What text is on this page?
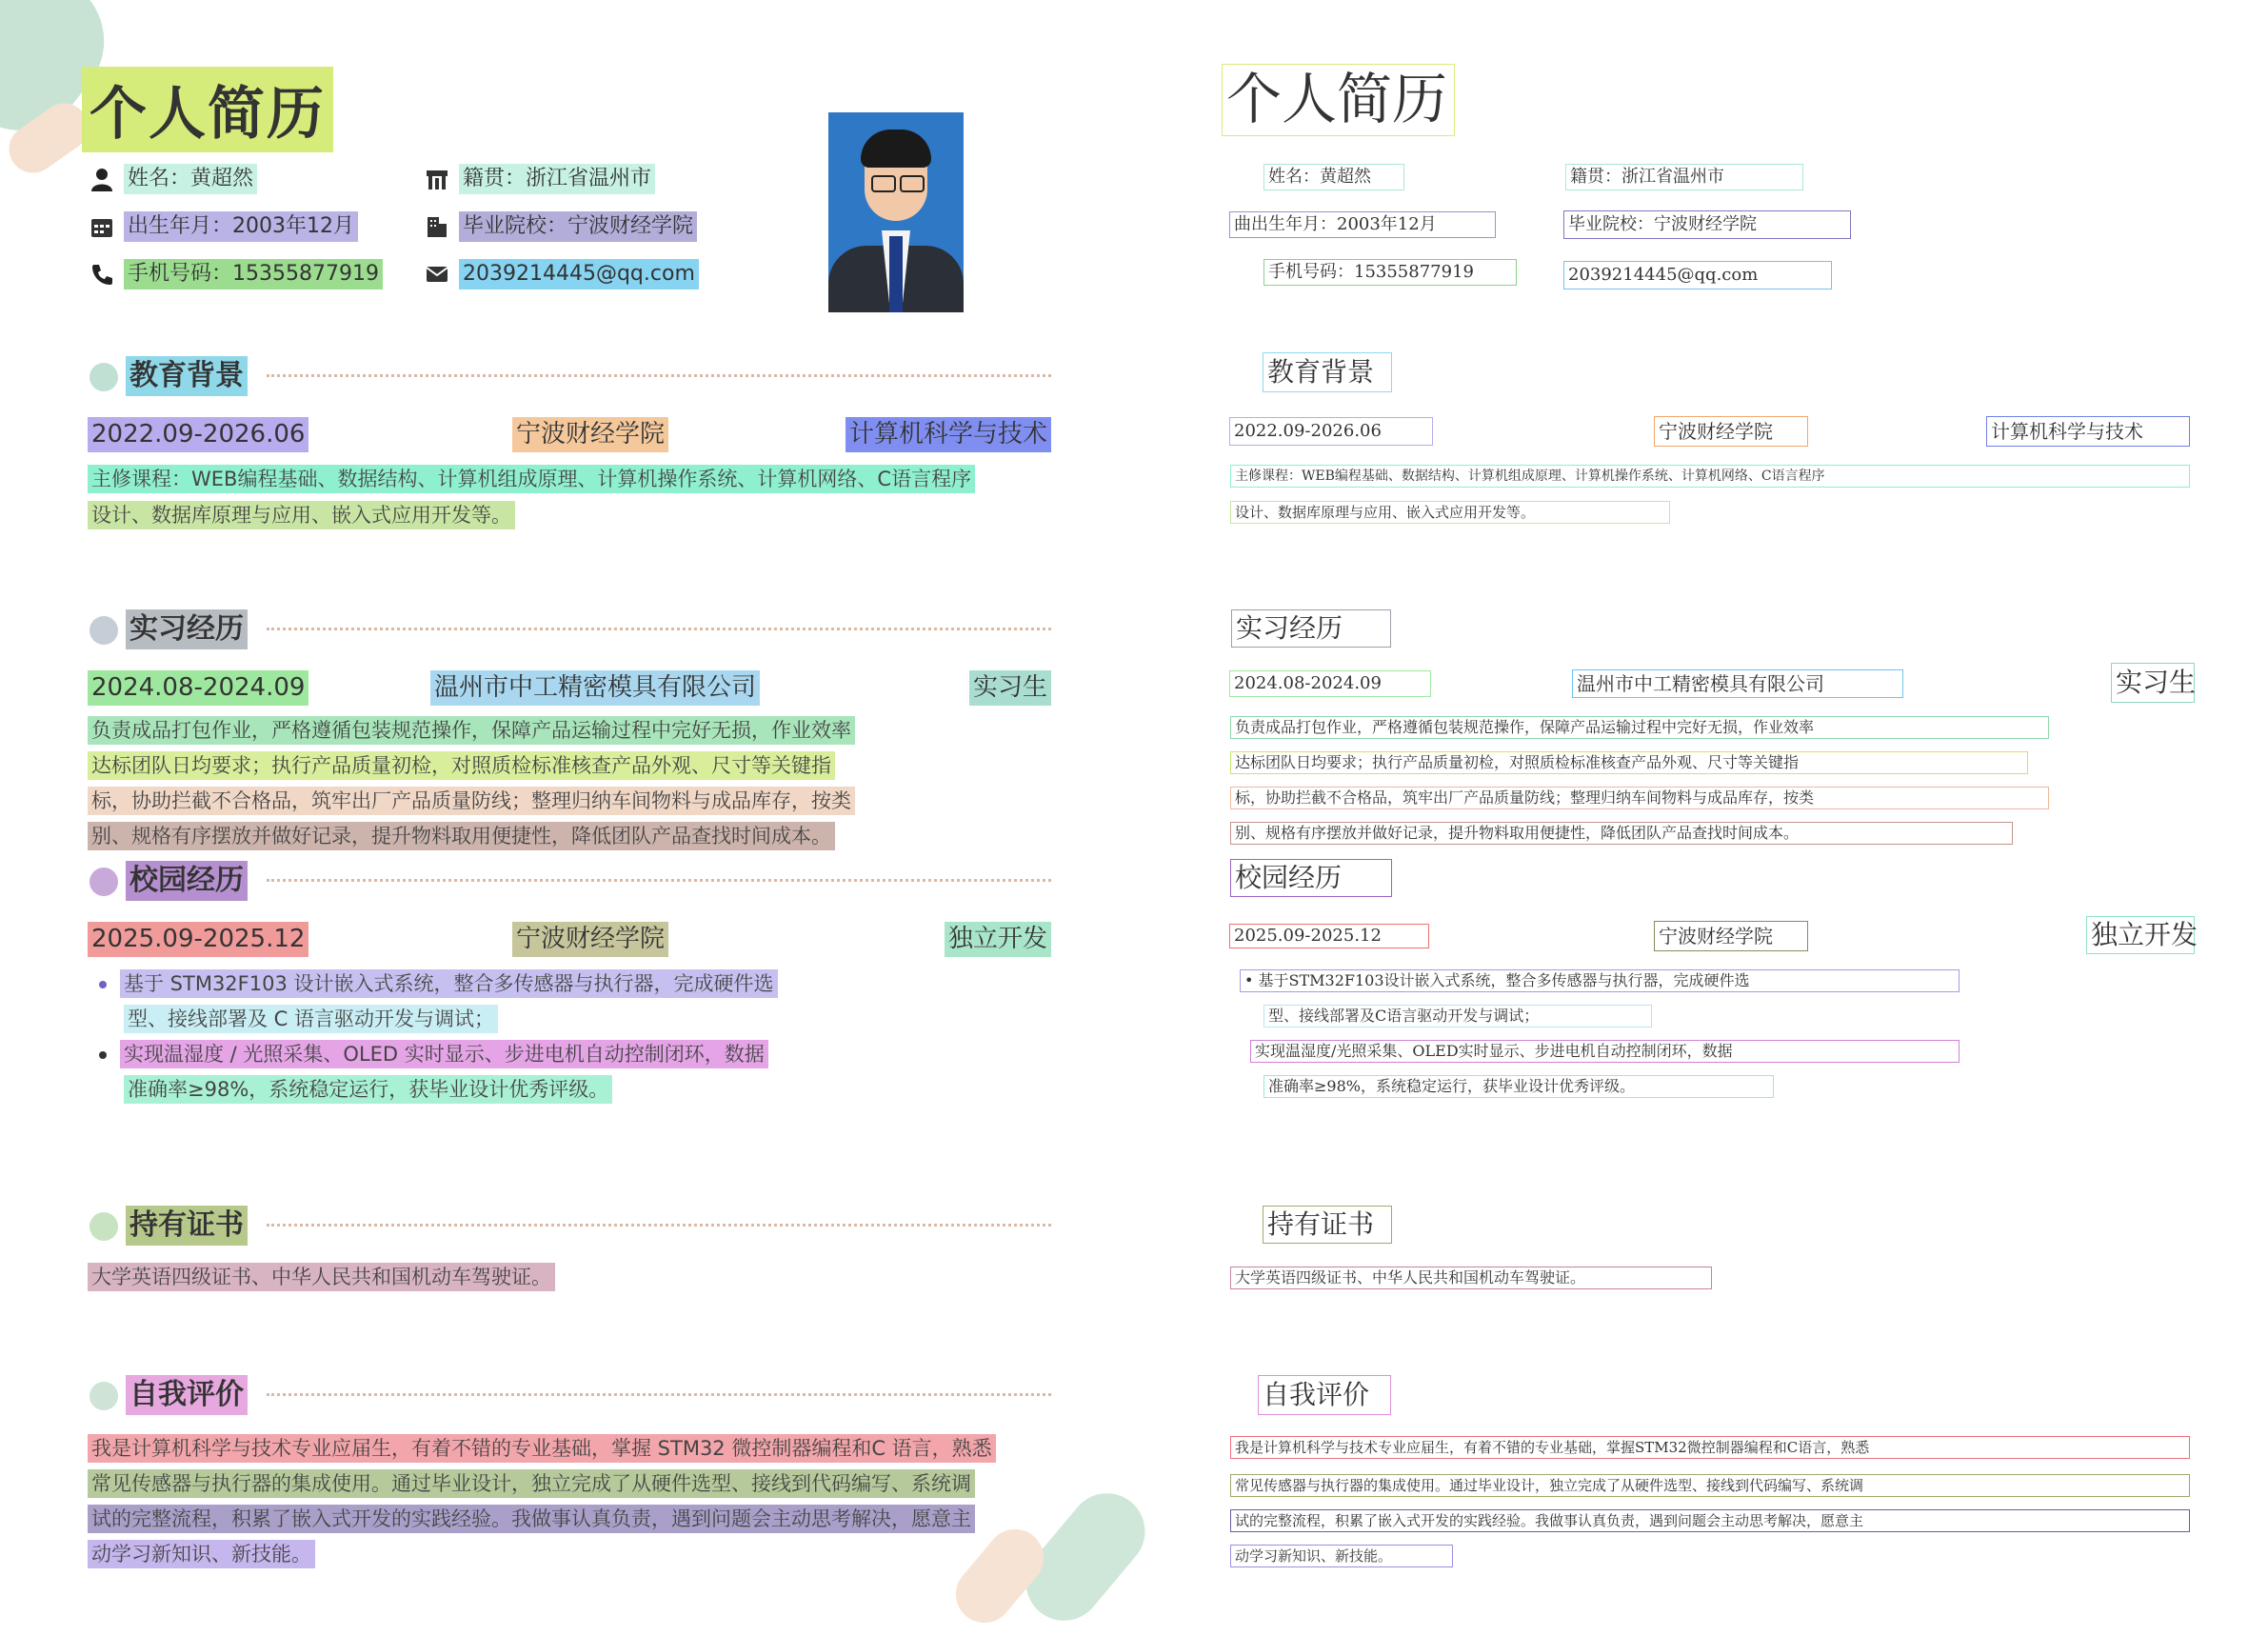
个人简历
姓名：黄超然	籍贯：浙江省温州市
出生年月：2003年12月	毕业院校：宁波财经学院
手机号码：15355877919	2039214445@qq.com
教育背景
2022.09-2026.06	宁波财经学院	计算机科学与技术
主修课程：WEB编程基础、数据结构、计算机组成原理、计算机操作系统、计算机网络、C语言程序
设计、数据库原理与应用、嵌入式应用开发等。
实习经历
2024.08-2024.09	温州市中工精密模具有限公司	实习生
负责成品打包作业，严格遵循包装规范操作，保障产品运输过程中完好无损，作业效率
达标团队日均要求；执行产品质量初检，对照质检标准核查产品外观、尺寸等关键指
标，协助拦截不合格品，筑牢出厂产品质量防线；整理归纳车间物料与成品库存，按类
别、规格有序摆放并做好记录，提升物料取用便捷性，降低团队产品查找时间成本。
校园经历
2025.09-2025.12	宁波财经学院	独立开发
基于 STM32F103 设计嵌入式系统，整合多传感器与执行器，完成硬件选
型、接线部署及 C 语言驱动开发与调试；
实现温湿度 / 光照采集、OLED 实时显示、步进电机自动控制闭环，数据
准确率≥98%，系统稳定运行，获毕业设计优秀评级。
持有证书
大学英语四级证书、中华人民共和国机动车驾驶证。
自我评价
我是计算机科学与技术专业应届生，有着不错的专业基础，掌握 STM32 微控制器编程和C 语言，熟悉
常见传感器与执行器的集成使用。通过毕业设计，独立完成了从硬件选型、接线到代码编写、系统调
试的完整流程，积累了嵌入式开发的实践经验。我做事认真负责，遇到问题会主动思考解决，愿意主
动学习新知识、新技能。
个人简历
姓名：黄超然	籍贯：浙江省温州市
曲出生年月：2003年12月	毕业院校：宁波财经学院
手机号码：15355877919	2039214445@qq.com
教育背景
2022.09-2026.06	宁波财经学院	计算机科学与技术
主修课程：WEB编程基础、数据结构、计算机组成原理、计算机操作系统、计算机网络、C语言程序
设计、数据库原理与应用、嵌入式应用开发等。
实习经历
2024.08-2024.09	温州市中工精密模具有限公司	实习生
负责成品打包作业，严格遵循包装规范操作，保障产品运输过程中完好无损，作业效率
达标团队日均要求；执行产品质量初检，对照质检标准核查产品外观、尺寸等关键指
标，协助拦截不合格品，筑牢出厂产品质量防线；整理归纳车间物料与成品库存，按类
别、规格有序摆放并做好记录，提升物料取用便捷性，降低团队产品查找时间成本。
校园经历
2025.09-2025.12	宁波财经学院	独立开发
• 基于STM32F103设计嵌入式系统，整合多传感器与执行器，完成硬件选
型、接线部署及C语言驱动开发与调试；
实现温湿度/光照采集、OLED实时显示、步进电机自动控制闭环，数据
准确率≥98%，系统稳定运行，获毕业设计优秀评级。
持有证书
大学英语四级证书、中华人民共和国机动车驾驶证。
自我评价
我是计算机科学与技术专业应届生，有着不错的专业基础，掌握STM32微控制器编程和C语言，熟悉
常见传感器与执行器的集成使用。通过毕业设计，独立完成了从硬件选型、接线到代码编写、系统调
试的完整流程，积累了嵌入式开发的实践经验。我做事认真负责，遇到问题会主动思考解决，愿意主
动学习新知识、新技能。
